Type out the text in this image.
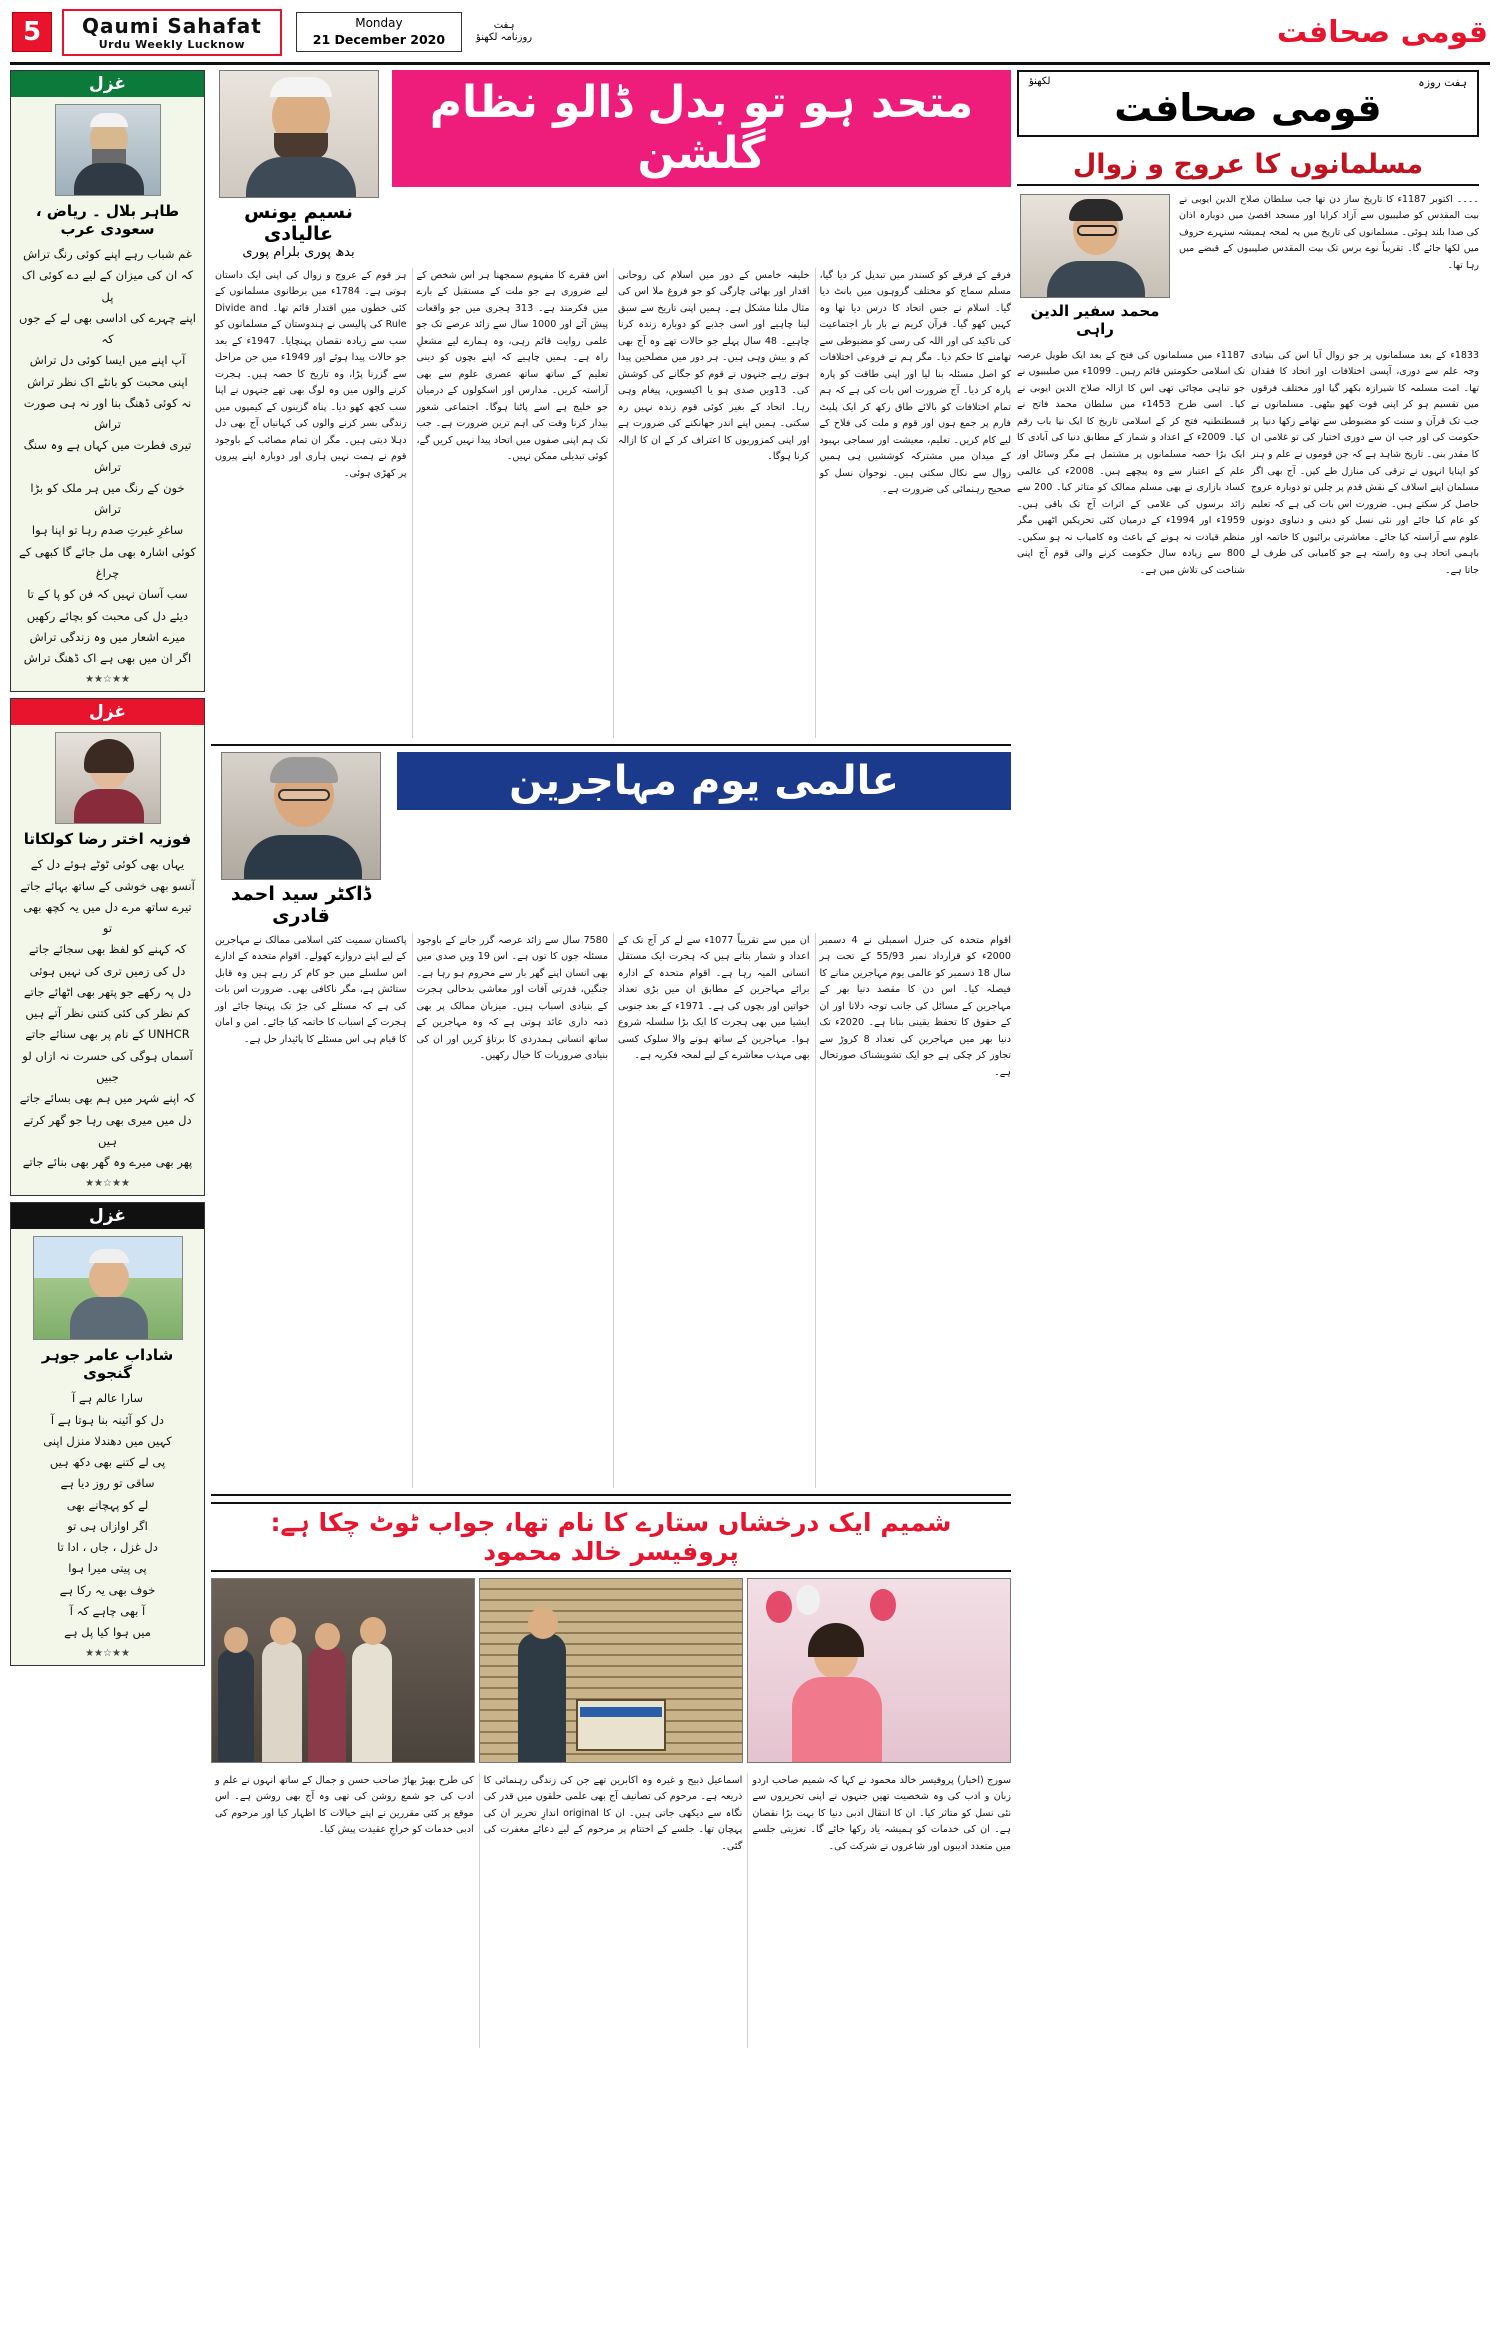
5	Qaumi Sahafat
Urdu Weekly Lucknow
Monday
21 December 2020
ہفت
روزنامہ لکھنؤ	قومی صحافت
غزل
طاہر بلال ۔ ریاض ، سعودی عرب
غم شباب رہے اپنے کوئی رنگ تراش
کہ ان کی میزان کے لیے دے کوئی اک پل
اپنے چہرے کی اداسی بھی لے کے جوں کہ
آپ اپنے میں ایسا کوئی دل تراش
اپنی محبت کو بانٹے اک نظر تراش
نہ کوئی ڈھنگ بنا اور نہ ہی صورت تراش
تیری فطرت میں کہاں ہے وہ سنگ تراش
خون کے رنگ میں ہر ملک کو بڑا تراش
ساغرِ غیرتِ صدم رہا تو اپنا ہوا
کوئی اشارہ بھی مل جائے گا کبھی کے چراغ
سب آسان نہیں کہ فن کو پا کے تا
دیئے دل کی محبت کو بچائے رکھیں
میرے اشعار میں وہ زندگی تراش
اگر ان میں بھی ہے اک ڈھنگ تراش
★★☆★★
غزل
فوزیہ اختر رضا کولکاتا
یہاں بھی کوئی ٹوٹے ہوئے دل کے
آنسو بھی خوشی کے ساتھ بہائے جاتے
تیرے ساتھ مرے دل میں یہ کچھ بھی تو
کہ کہنے کو لفظ بھی سجائے جاتے
دل کی زمیں تری کی نہیں ہوئی
دل پہ رکھے جو پتھر بھی اٹھائے جاتے
کم نظر کی کئی کتنی نظر آتے ہیں
UNHCR کے نام پر بھی سنائے جاتے
آسماں ہوگی کی حسرت نہ ازاں لو جبیں
کہ اپنے شہر میں ہم بھی بسائے جاتے
دل میں میری بھی رہا جو گھر کرتے ہیں
پھر بھی میرے وہ گھر بھی بنائے جاتے
★★☆★★
غزل
شاداب عامر جوہر گنجوی
سارا عالم ہے آ
دل کو آئینہ بنا ہوتا ہے آ
کہیں میں دھندلا منزل اپنی
پی لے کتنے بھی دکھ ہیں
ساقی تو روز دیا ہے
لے کو پہچانے بھی
اگر اوازاں ہی تو
دل غزل ، جاں ، ادا تا
پی پیتی میرا ہوا
خوف بھی یہ رکا ہے
آ بھی چاہے کہ آ
میں ہوا کیا پل ہے
★★☆★★
نسیم یونس عالیادی
بدھ پوری بلرام پوری
متحد ہو تو بدل ڈالو نظام گلشن
فرقے کے فرقے کو کسندر میں تبدیل کر دیا گیا، مسلم سماج کو مختلف گروہوں میں بانٹ دیا گیا۔ اسلام نے جس اتحاد کا درس دیا تھا وہ کہیں کھو گیا۔ قرآن کریم نے بار بار اجتماعیت کی تاکید کی اور اللہ کی رسی کو مضبوطی سے تھامنے کا حکم دیا۔ مگر ہم نے فروعی اختلافات کو اصل مسئلہ بنا لیا اور اپنی طاقت کو پارہ پارہ کر دیا۔ آج ضرورت اس بات کی ہے کہ ہم تمام اختلافات کو بالائے طاق رکھ کر ایک پلیٹ فارم پر جمع ہوں اور قوم و ملت کی فلاح کے لیے کام کریں۔ تعلیم، معیشت اور سماجی بہبود کے میدان میں مشترکہ کوششیں ہی ہمیں زوال سے نکال سکتی ہیں۔ نوجوان نسل کو صحیح رہنمائی کی ضرورت ہے۔
خلیفہ خامس کے دور میں اسلام کی روحانی اقدار اور بھائی چارگی کو جو فروغ ملا اس کی مثال ملنا مشکل ہے۔ ہمیں اپنی تاریخ سے سبق لینا چاہیے اور اسی جذبے کو دوبارہ زندہ کرنا چاہیے۔ 48 سال پہلے جو حالات تھے وہ آج بھی کم و بیش وہی ہیں۔ ہر دور میں مصلحین پیدا ہوتے رہے جنہوں نے قوم کو جگانے کی کوشش کی۔ 13ویں صدی ہو یا اکیسویں، پیغام وہی رہا۔ اتحاد کے بغیر کوئی قوم زندہ نہیں رہ سکتی۔ ہمیں اپنے اندر جھانکنے کی ضرورت ہے اور اپنی کمزوریوں کا اعتراف کر کے ان کا ازالہ کرنا ہوگا۔
اس فقرے کا مفہوم سمجھنا ہر اس شخص کے لیے ضروری ہے جو ملت کے مستقبل کے بارے میں فکرمند ہے۔ 313 ہجری میں جو واقعات پیش آئے اور 1000 سال سے زائد عرصے تک جو علمی روایت قائم رہی، وہ ہمارے لیے مشعلِ راہ ہے۔ ہمیں چاہیے کہ اپنے بچوں کو دینی تعلیم کے ساتھ ساتھ عصری علوم سے بھی آراستہ کریں۔ مدارس اور اسکولوں کے درمیان جو خلیج ہے اسے پاٹنا ہوگا۔ اجتماعی شعور بیدار کرنا وقت کی اہم ترین ضرورت ہے۔ جب تک ہم اپنی صفوں میں اتحاد پیدا نہیں کریں گے، کوئی تبدیلی ممکن نہیں۔
ہر قوم کے عروج و زوال کی اپنی ایک داستان ہوتی ہے۔ 1784ء میں برطانوی مسلمانوں کے کئی خطوں میں اقتدار قائم تھا۔ Divide and Rule کی پالیسی نے ہندوستان کے مسلمانوں کو سب سے زیادہ نقصان پہنچایا۔ 1947ء کے بعد جو حالات پیدا ہوئے اور 1949ء میں جن مراحل سے گزرنا پڑا، وہ تاریخ کا حصہ ہیں۔ ہجرت کرنے والوں میں وہ لوگ بھی تھے جنہوں نے اپنا سب کچھ کھو دیا۔ پناہ گزینوں کے کیمپوں میں زندگی بسر کرنے والوں کی کہانیاں آج بھی دل دہلا دیتی ہیں۔ مگر ان تمام مصائب کے باوجود قوم نے ہمت نہیں ہاری اور دوبارہ اپنے پیروں پر کھڑی ہوئی۔
ڈاکٹر سید احمد قادری
عالمی یوم مہاجرین
اقوام متحدہ کی جنرل اسمبلی نے 4 دسمبر 2000ء کو قرارداد نمبر 55/93 کے تحت ہر سال 18 دسمبر کو عالمی یوم مہاجرین منانے کا فیصلہ کیا۔ اس دن کا مقصد دنیا بھر کے مہاجرین کے مسائل کی جانب توجہ دلانا اور ان کے حقوق کا تحفظ یقینی بنانا ہے۔ 2020ء تک دنیا بھر میں مہاجرین کی تعداد 8 کروڑ سے تجاوز کر چکی ہے جو ایک تشویشناک صورتحال ہے۔
ان میں سے تقریباً 1077ء سے لے کر آج تک کے اعداد و شمار بتاتے ہیں کہ ہجرت ایک مستقل انسانی المیہ رہا ہے۔ اقوام متحدہ کے ادارہ برائے مہاجرین کے مطابق ان میں بڑی تعداد خواتین اور بچوں کی ہے۔ 1971ء کے بعد جنوبی ایشیا میں بھی ہجرت کا ایک بڑا سلسلہ شروع ہوا۔ مہاجرین کے ساتھ ہونے والا سلوک کسی بھی مہذب معاشرے کے لیے لمحہ فکریہ ہے۔
7580 سال سے زائد عرصہ گزر جانے کے باوجود مسئلہ جوں کا توں ہے۔ اس 19 ویں صدی میں بھی انسان اپنے گھر بار سے محروم ہو رہا ہے۔ جنگیں، قدرتی آفات اور معاشی بدحالی ہجرت کے بنیادی اسباب ہیں۔ میزبان ممالک پر بھی ذمہ داری عائد ہوتی ہے کہ وہ مہاجرین کے ساتھ انسانی ہمدردی کا برتاؤ کریں اور ان کی بنیادی ضروریات کا خیال رکھیں۔
پاکستان سمیت کئی اسلامی ممالک نے مہاجرین کے لیے اپنے دروازے کھولے۔ اقوام متحدہ کے ادارے اس سلسلے میں جو کام کر رہے ہیں وہ قابل ستائش ہے، مگر ناکافی بھی۔ ضرورت اس بات کی ہے کہ مسئلے کی جڑ تک پہنچا جائے اور ہجرت کے اسباب کا خاتمہ کیا جائے۔ امن و امان کا قیام ہی اس مسئلے کا پائیدار حل ہے۔
شمیم ایک درخشاں ستارے کا نام تھا، جواب ٹوٹ چکا ہے: پروفیسر خالد محمود
سورج (اخبار) پروفیسر خالد محمود نے کہا کہ شمیم صاحب اردو زبان و ادب کی وہ شخصیت تھیں جنہوں نے اپنی تحریروں سے نئی نسل کو متاثر کیا۔ ان کا انتقال ادبی دنیا کا بہت بڑا نقصان ہے۔ ان کی خدمات کو ہمیشہ یاد رکھا جائے گا۔ تعزیتی جلسے میں متعدد ادیبوں اور شاعروں نے شرکت کی۔
اسماعیل ذبیح و غیرہ وہ اکابرین تھے جن کی زندگی رہنمائی کا ذریعہ ہے۔ مرحوم کی تصانیف آج بھی علمی حلقوں میں قدر کی نگاہ سے دیکھی جاتی ہیں۔ ان کا original اندازِ تحریر ان کی پہچان تھا۔ جلسے کے اختتام پر مرحوم کے لیے دعائے مغفرت کی گئی۔
کی طرح بھیڑ بھاڑ صاحب حسن و جمال کے ساتھ انہوں نے علم و ادب کی جو شمع روشن کی تھی وہ آج بھی روشن ہے۔ اس موقع پر کئی مقررین نے اپنے خیالات کا اظہار کیا اور مرحوم کی ادبی خدمات کو خراجِ عقیدت پیش کیا۔
ہفت روزہ
لکھنؤ
قومی صحافت
مسلمانوں کا عروج و زوال
۔۔۔۔ اکتوبر 1187ء کا تاریخ ساز دن تھا جب سلطان صلاح الدین ایوبی نے بیت المقدس کو صلیبیوں سے آزاد کرایا اور مسجد اقصیٰ میں دوبارہ اذان کی صدا بلند ہوئی۔ مسلمانوں کی تاریخ میں یہ لمحہ ہمیشہ سنہرے حروف میں لکھا جائے گا۔ تقریباً نوے برس تک بیت المقدس صلیبیوں کے قبضے میں رہا تھا۔
محمد سفیر الدین راہی
1833ء کے بعد مسلمانوں پر جو زوال آیا اس کی بنیادی وجہ علم سے دوری، آپسی اختلافات اور اتحاد کا فقدان تھا۔ امت مسلمہ کا شیرازہ بکھر گیا اور مختلف فرقوں میں تقسیم ہو کر اپنی قوت کھو بیٹھی۔ مسلمانوں نے جب تک قرآن و سنت کو مضبوطی سے تھامے رکھا دنیا پر حکومت کی اور جب ان سے دوری اختیار کی تو غلامی ان کا مقدر بنی۔ تاریخ شاہد ہے کہ جن قوموں نے علم و ہنر کو اپنایا انہوں نے ترقی کی منازل طے کیں۔ آج بھی اگر مسلمان اپنے اسلاف کے نقش قدم پر چلیں تو دوبارہ عروج حاصل کر سکتے ہیں۔ ضرورت اس بات کی ہے کہ تعلیم کو عام کیا جائے اور نئی نسل کو دینی و دنیاوی دونوں علوم سے آراستہ کیا جائے۔ معاشرتی برائیوں کا خاتمہ اور باہمی اتحاد ہی وہ راستہ ہے جو کامیابی کی طرف لے جاتا ہے۔
1187ء میں مسلمانوں کی فتح کے بعد ایک طویل عرصہ تک اسلامی حکومتیں قائم رہیں۔ 1099ء میں صلیبیوں نے جو تباہی مچائی تھی اس کا ازالہ صلاح الدین ایوبی نے کیا۔ اسی طرح 1453ء میں سلطان محمد فاتح نے قسطنطنیہ فتح کر کے اسلامی تاریخ کا ایک نیا باب رقم کیا۔ 2009ء کے اعداد و شمار کے مطابق دنیا کی آبادی کا ایک بڑا حصہ مسلمانوں پر مشتمل ہے مگر وسائل اور علم کے اعتبار سے وہ پیچھے ہیں۔ 2008ء کی عالمی کساد بازاری نے بھی مسلم ممالک کو متاثر کیا۔ 200 سے زائد برسوں کی غلامی کے اثرات آج تک باقی ہیں۔ 1959ء اور 1994ء کے درمیان کئی تحریکیں اٹھیں مگر منظم قیادت نہ ہونے کے باعث وہ کامیاب نہ ہو سکیں۔ 800 سے زیادہ سال حکومت کرنے والی قوم آج اپنی شناخت کی تلاش میں ہے۔
